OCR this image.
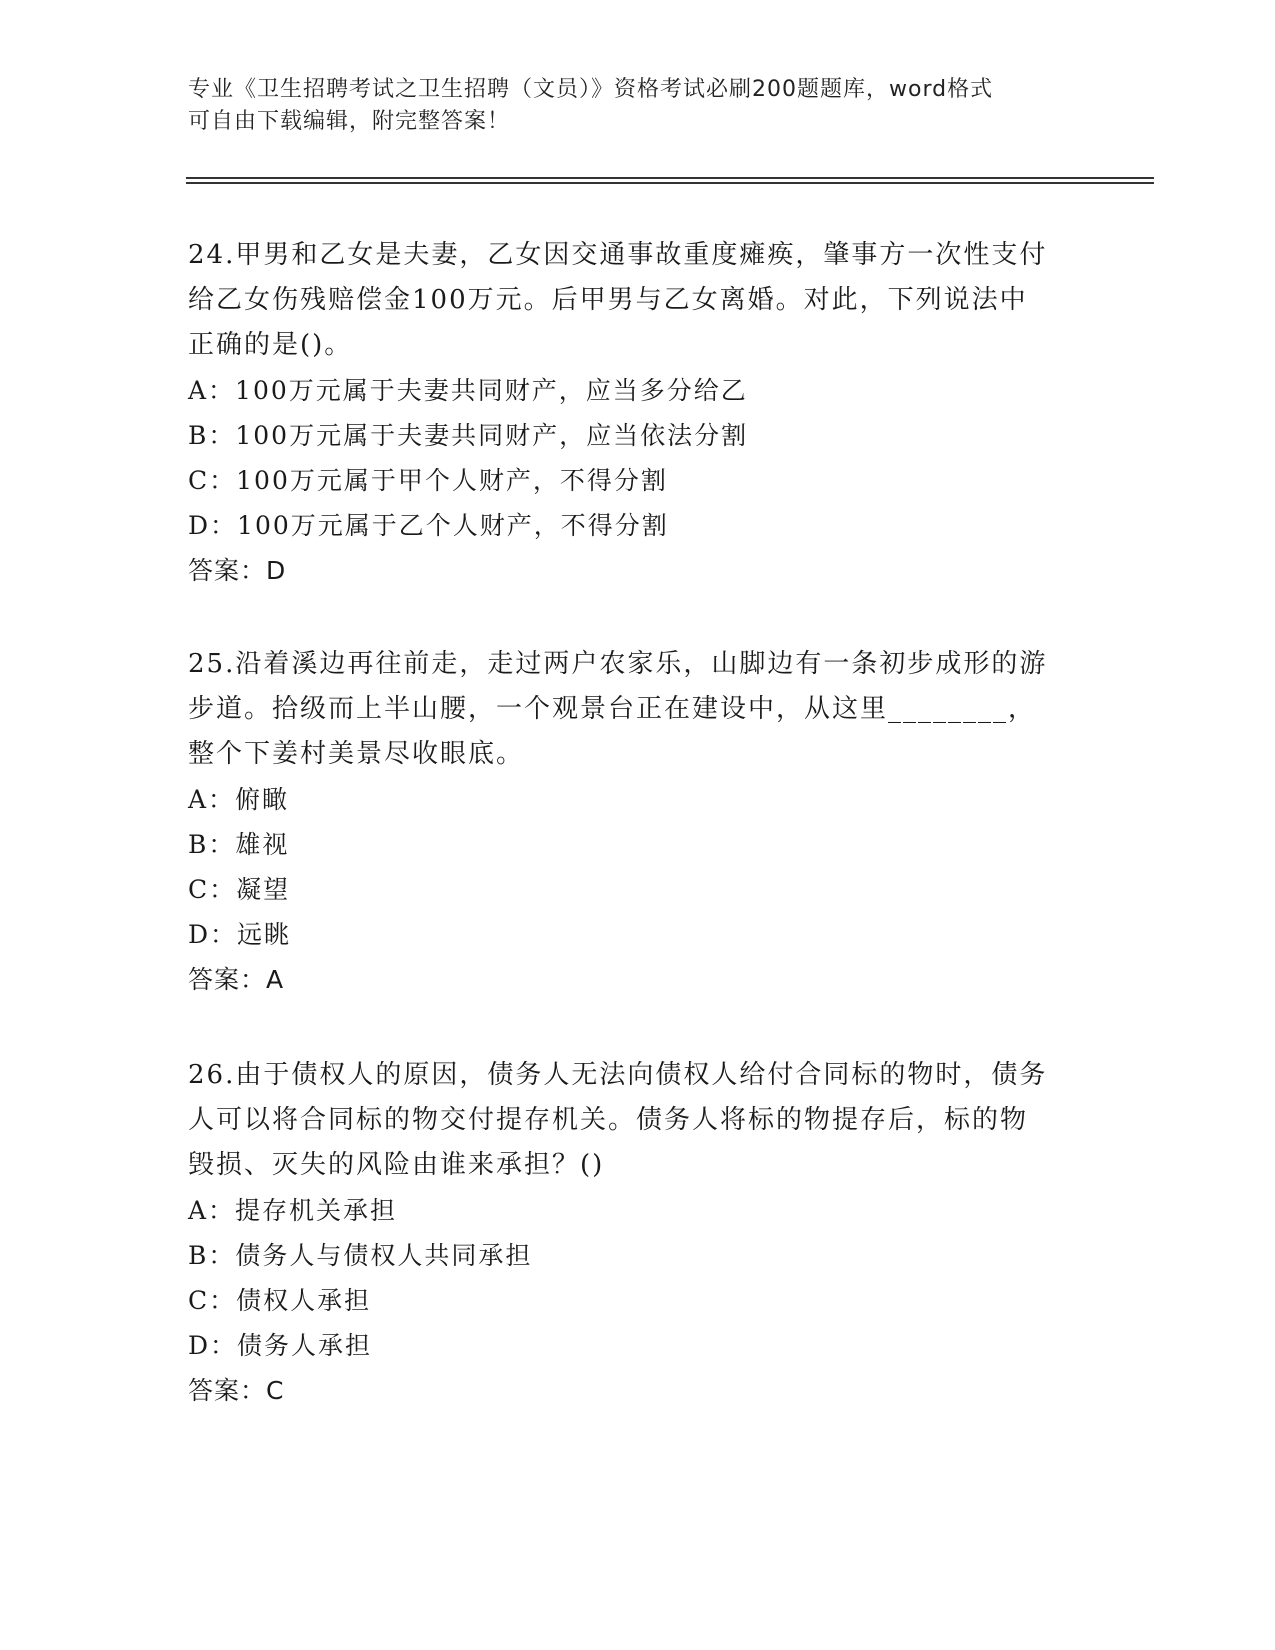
专业《卫生招聘考试之卫生招聘（文员）》资格考试必刷200题题库，word格式
可自由下载编辑，附完整答案！

24.甲男和乙女是夫妻，乙女因交通事故重度瘫痪，肇事方一次性支付
给乙女伤残赔偿金100万元。后甲男与乙女离婚。对此，下列说法中
正确的是()。

A：100万元属于夫妻共同财产，应当多分给乙
B：100万元属于夫妻共同财产，应当依法分割
C：100万元属于甲个人财产，不得分割
D：100万元属于乙个人财产，不得分割
答案：D

25.沿着溪边再往前走，走过两户农家乐，山脚边有一条初步成形的游
步道。拾级而上半山腰，一个观景台正在建设中，从这里________，
整个下姜村美景尽收眼底。

A：俯瞰
B：雄视
C：凝望
D：远眺
答案：A

26.由于债权人的原因，债务人无法向债权人给付合同标的物时，债务
人可以将合同标的物交付提存机关。债务人将标的物提存后，标的物
毁损、灭失的风险由谁来承担？()

A：提存机关承担
B：债务人与债权人共同承担
C：债权人承担
D：债务人承担
答案：C
